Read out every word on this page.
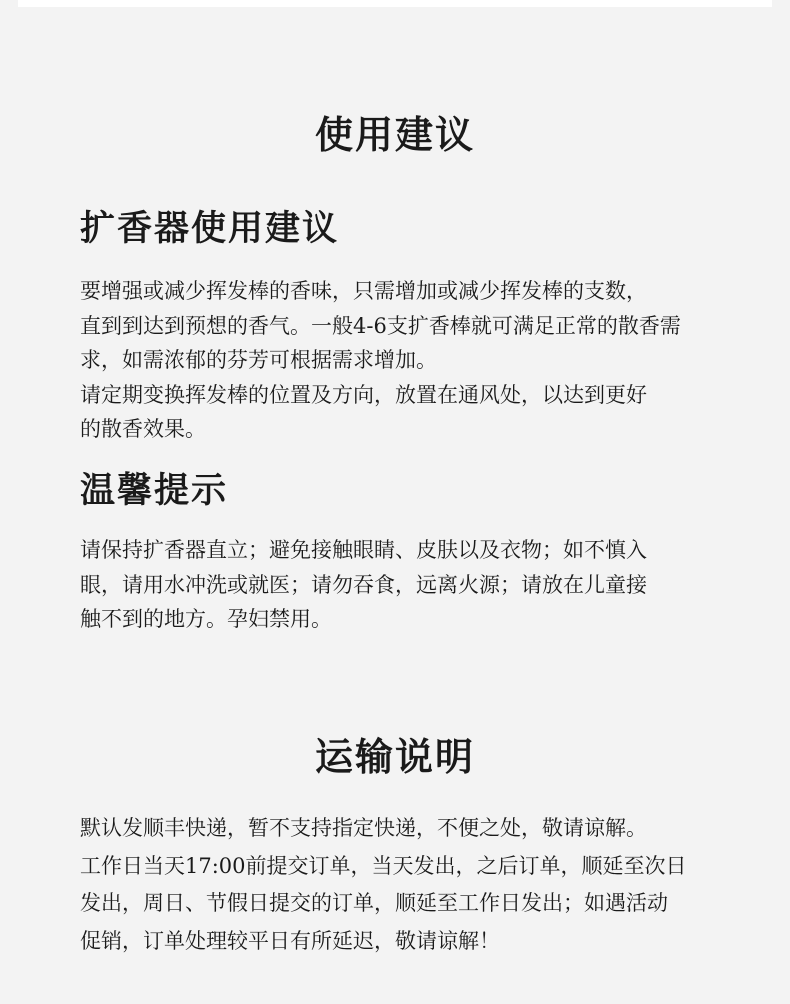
使用建议
扩香器使用建议
要增强或减少挥发棒的香味，只需增加或减少挥发棒的支数，
直到到达到预想的香气。一般4-6支扩香棒就可满足正常的散香需
求，如需浓郁的芬芳可根据需求增加。
请定期变换挥发棒的位置及方向，放置在通风处，以达到更好
的散香效果。
温馨提示
请保持扩香器直立；避免接触眼睛、皮肤以及衣物；如不慎入
眼，请用水冲洗或就医；请勿吞食，远离火源；请放在儿童接
触不到的地方。孕妇禁用。
运输说明
默认发顺丰快递，暂不支持指定快递，不便之处，敬请谅解。
工作日当天17:00前提交订单，当天发出，之后订单，顺延至次日
发出，周日、节假日提交的订单，顺延至工作日发出；如遇活动
促销，订单处理较平日有所延迟，敬请谅解！
